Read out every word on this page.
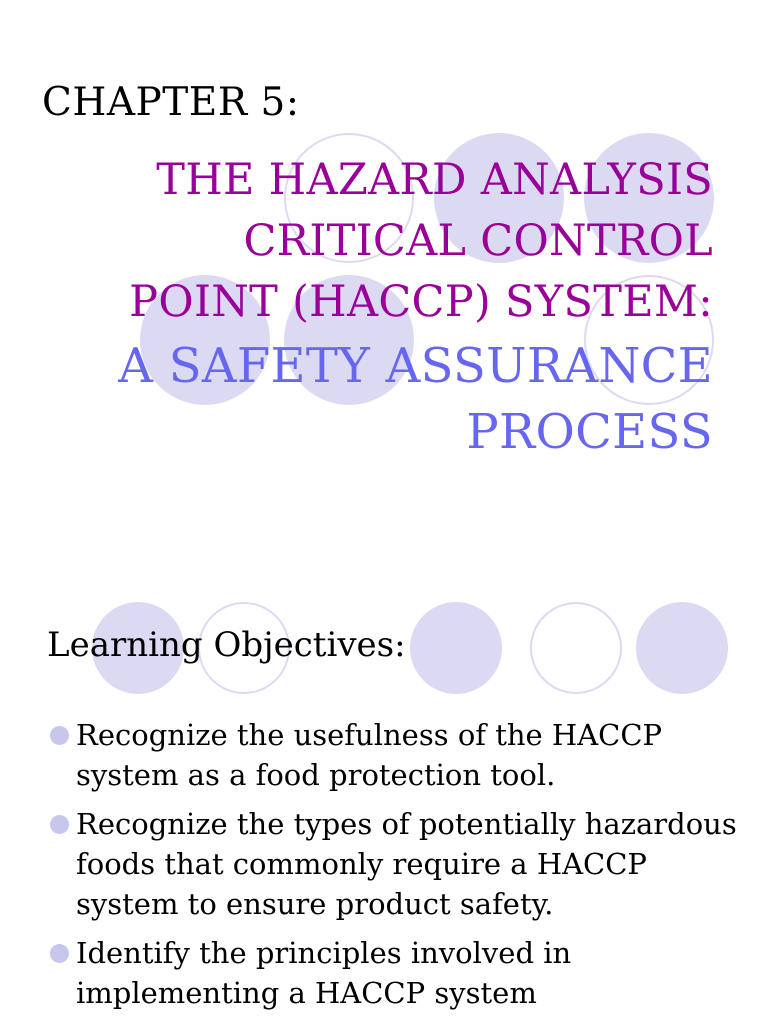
CHAPTER 5:
THE HAZARD ANALYSIS
CRITICAL CONTROL
POINT (HACCP) SYSTEM:
A SAFETY ASSURANCE
PROCESS
Learning Objectives:
Recognize the usefulness of the HACCP system as a food protection tool.
Recognize the types of potentially hazardous foods that commonly require a HACCP system to ensure product safety.
Identify the principles involved in implementing a HACCP system
